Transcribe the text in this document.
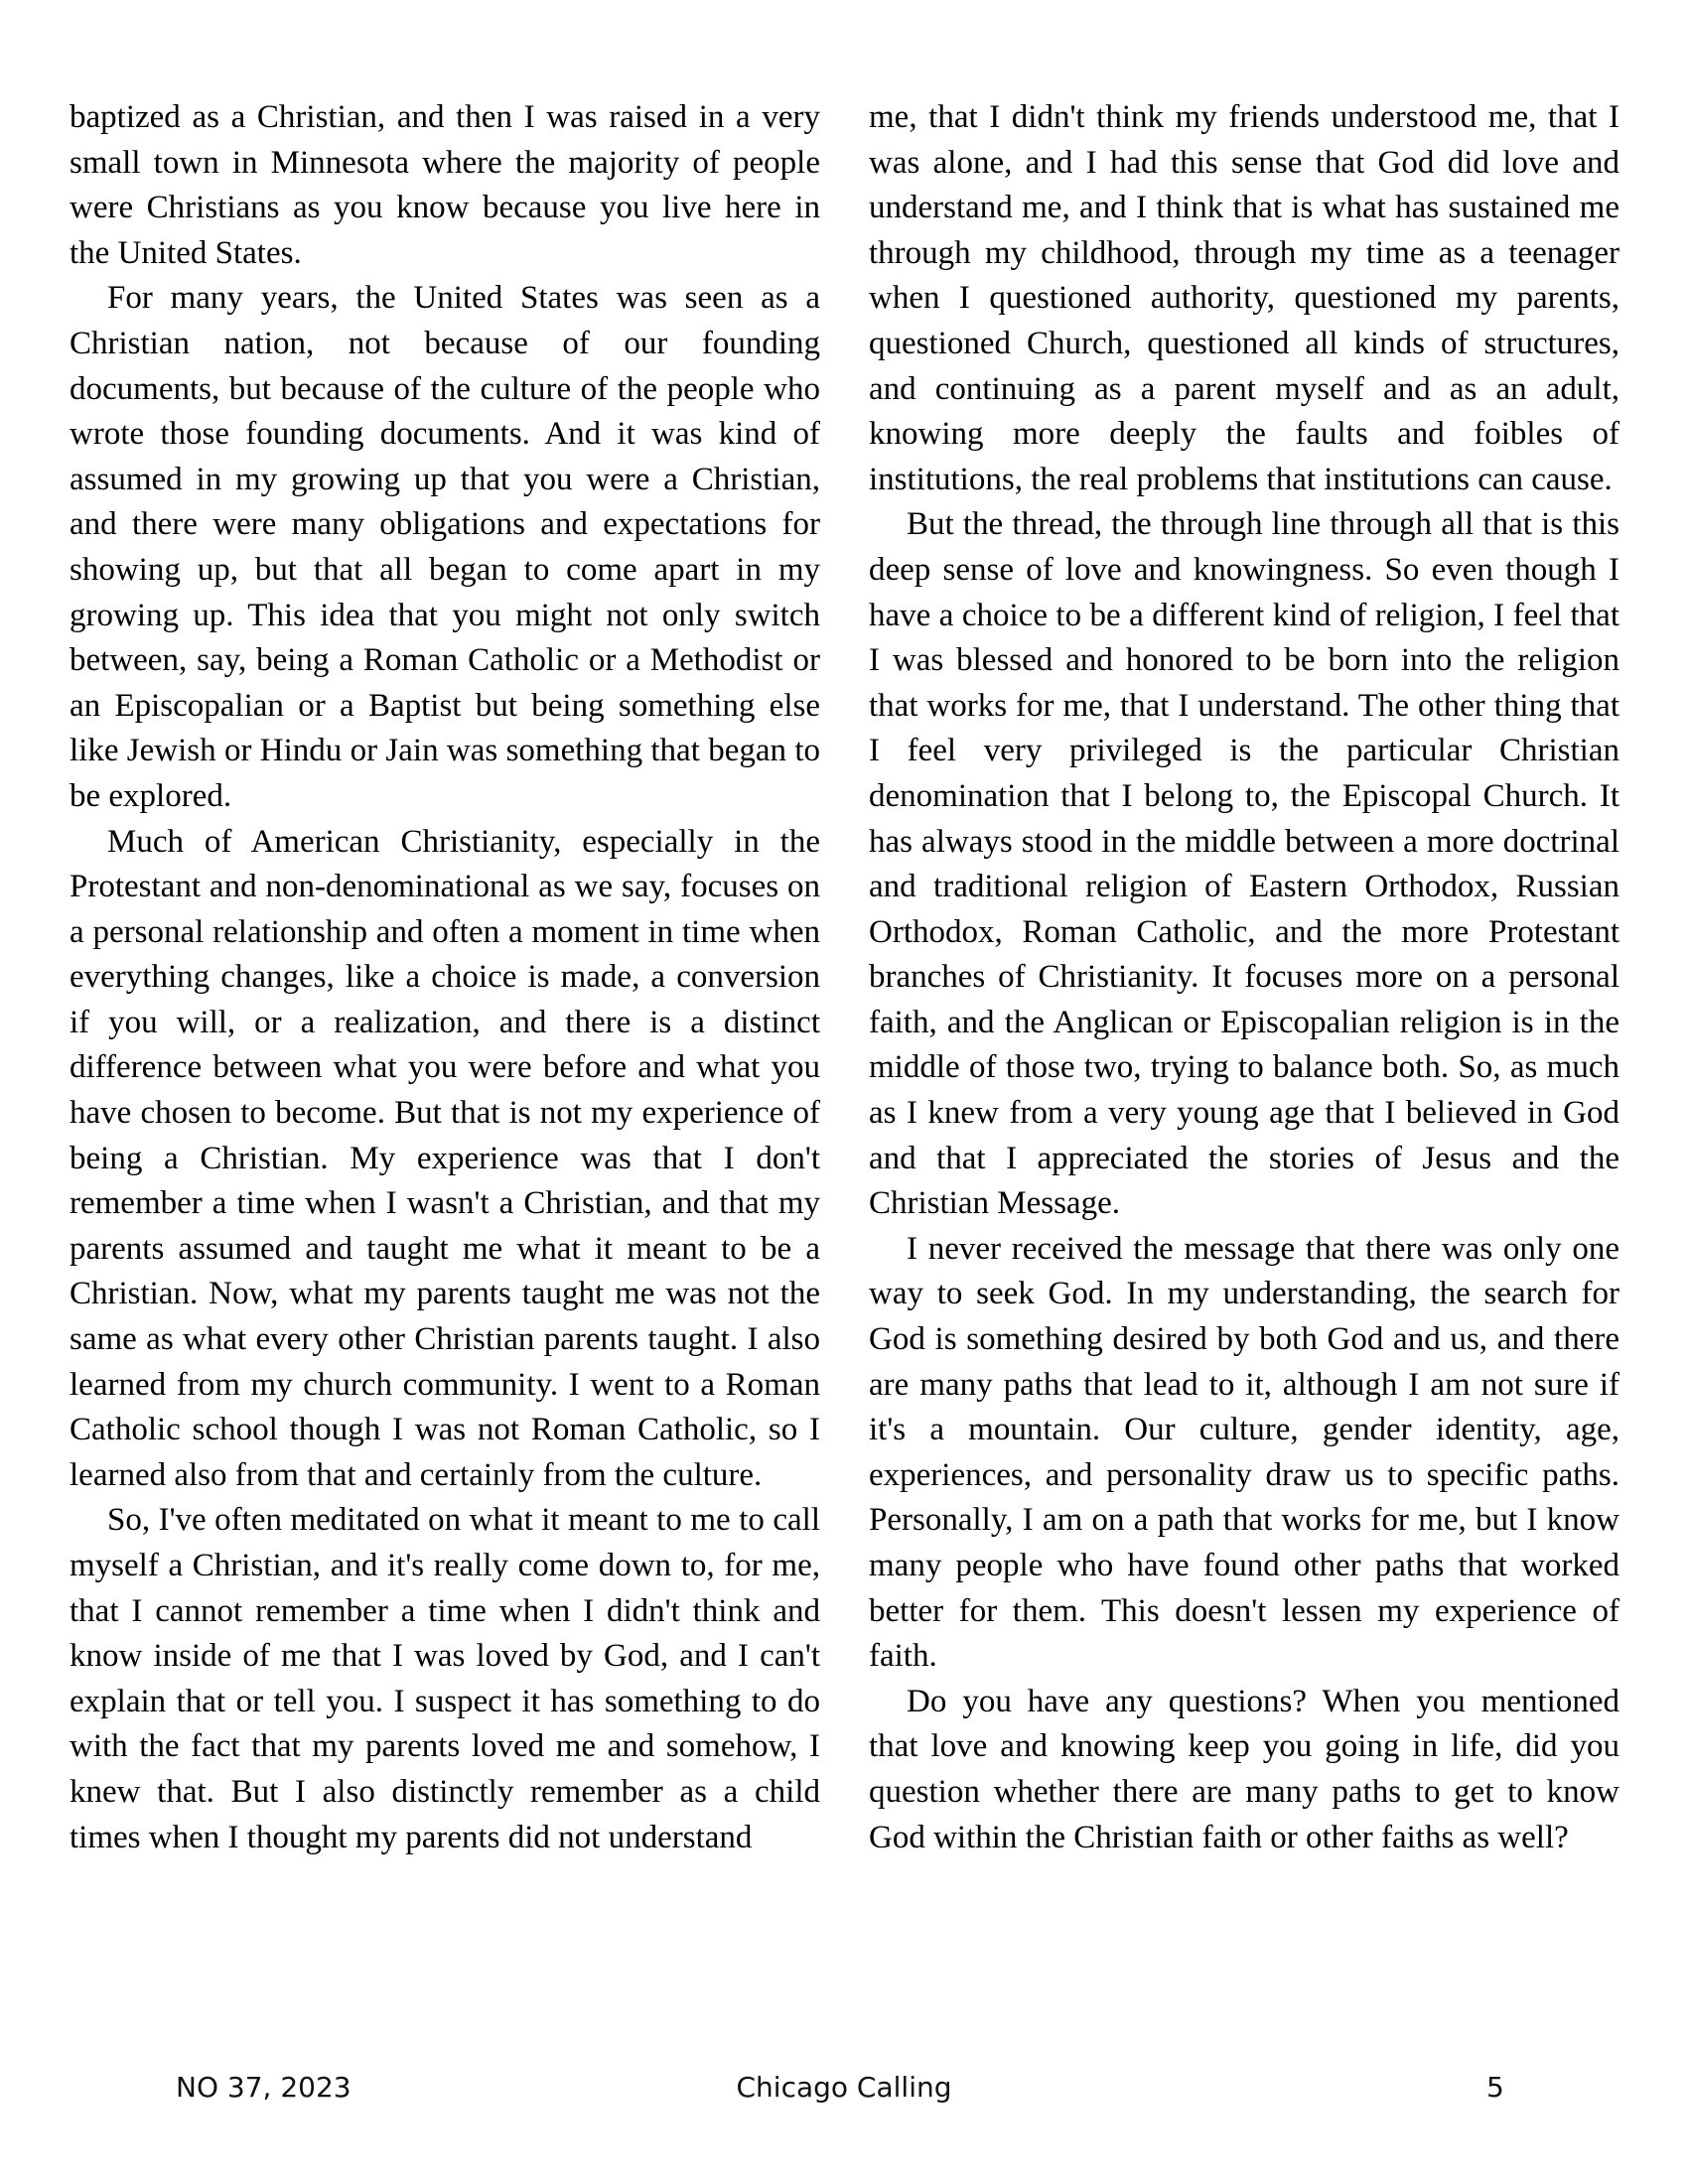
baptized as a Christian, and then I was raised in a very small town in Minnesota where the majority of people were Christians as you know because you live here in the United States.

For many years, the United States was seen as a Christian nation, not because of our founding documents, but because of the culture of the people who wrote those founding documents. And it was kind of assumed in my growing up that you were a Christian, and there were many obligations and expectations for showing up, but that all began to come apart in my growing up. This idea that you might not only switch between, say, being a Roman Catholic or a Methodist or an Episcopalian or a Baptist but being something else like Jewish or Hindu or Jain was something that began to be explored.

Much of American Christianity, especially in the Protestant and non-denominational as we say, focuses on a personal relationship and often a moment in time when everything changes, like a choice is made, a conversion if you will, or a realization, and there is a distinct difference between what you were before and what you have chosen to become. But that is not my experience of being a Christian. My experience was that I don't remember a time when I wasn't a Christian, and that my parents assumed and taught me what it meant to be a Christian. Now, what my parents taught me was not the same as what every other Christian parents taught. I also learned from my church community. I went to a Roman Catholic school though I was not Roman Catholic, so I learned also from that and certainly from the culture.

So, I've often meditated on what it meant to me to call myself a Christian, and it's really come down to, for me, that I cannot remember a time when I didn't think and know inside of me that I was loved by God, and I can't explain that or tell you. I suspect it has something to do with the fact that my parents loved me and somehow, I knew that. But I also distinctly remember as a child times when I thought my parents did not understand

me, that I didn't think my friends understood me, that I was alone, and I had this sense that God did love and understand me, and I think that is what has sustained me through my childhood, through my time as a teenager when I questioned authority, questioned my parents, questioned Church, questioned all kinds of structures, and continuing as a parent myself and as an adult, knowing more deeply the faults and foibles of institutions, the real problems that institutions can cause.

But the thread, the through line through all that is this deep sense of love and knowingness. So even though I have a choice to be a different kind of religion, I feel that I was blessed and honored to be born into the religion that works for me, that I understand. The other thing that I feel very privileged is the particular Christian denomination that I belong to, the Episcopal Church. It has always stood in the middle between a more doctrinal and traditional religion of Eastern Orthodox, Russian Orthodox, Roman Catholic, and the more Protestant branches of Christianity. It focuses more on a personal faith, and the Anglican or Episcopalian religion is in the middle of those two, trying to balance both. So, as much as I knew from a very young age that I believed in God and that I appreciated the stories of Jesus and the Christian Message.

I never received the message that there was only one way to seek God. In my understanding, the search for God is something desired by both God and us, and there are many paths that lead to it, although I am not sure if it's a mountain. Our culture, gender identity, age, experiences, and personality draw us to specific paths. Personally, I am on a path that works for me, but I know many people who have found other paths that worked better for them. This doesn't lessen my experience of faith.

Do you have any questions? When you mentioned that love and knowing keep you going in life, did you question whether there are many paths to get to know God within the Christian faith or other faiths as well?

NO 37, 2023	Chicago Calling	5
